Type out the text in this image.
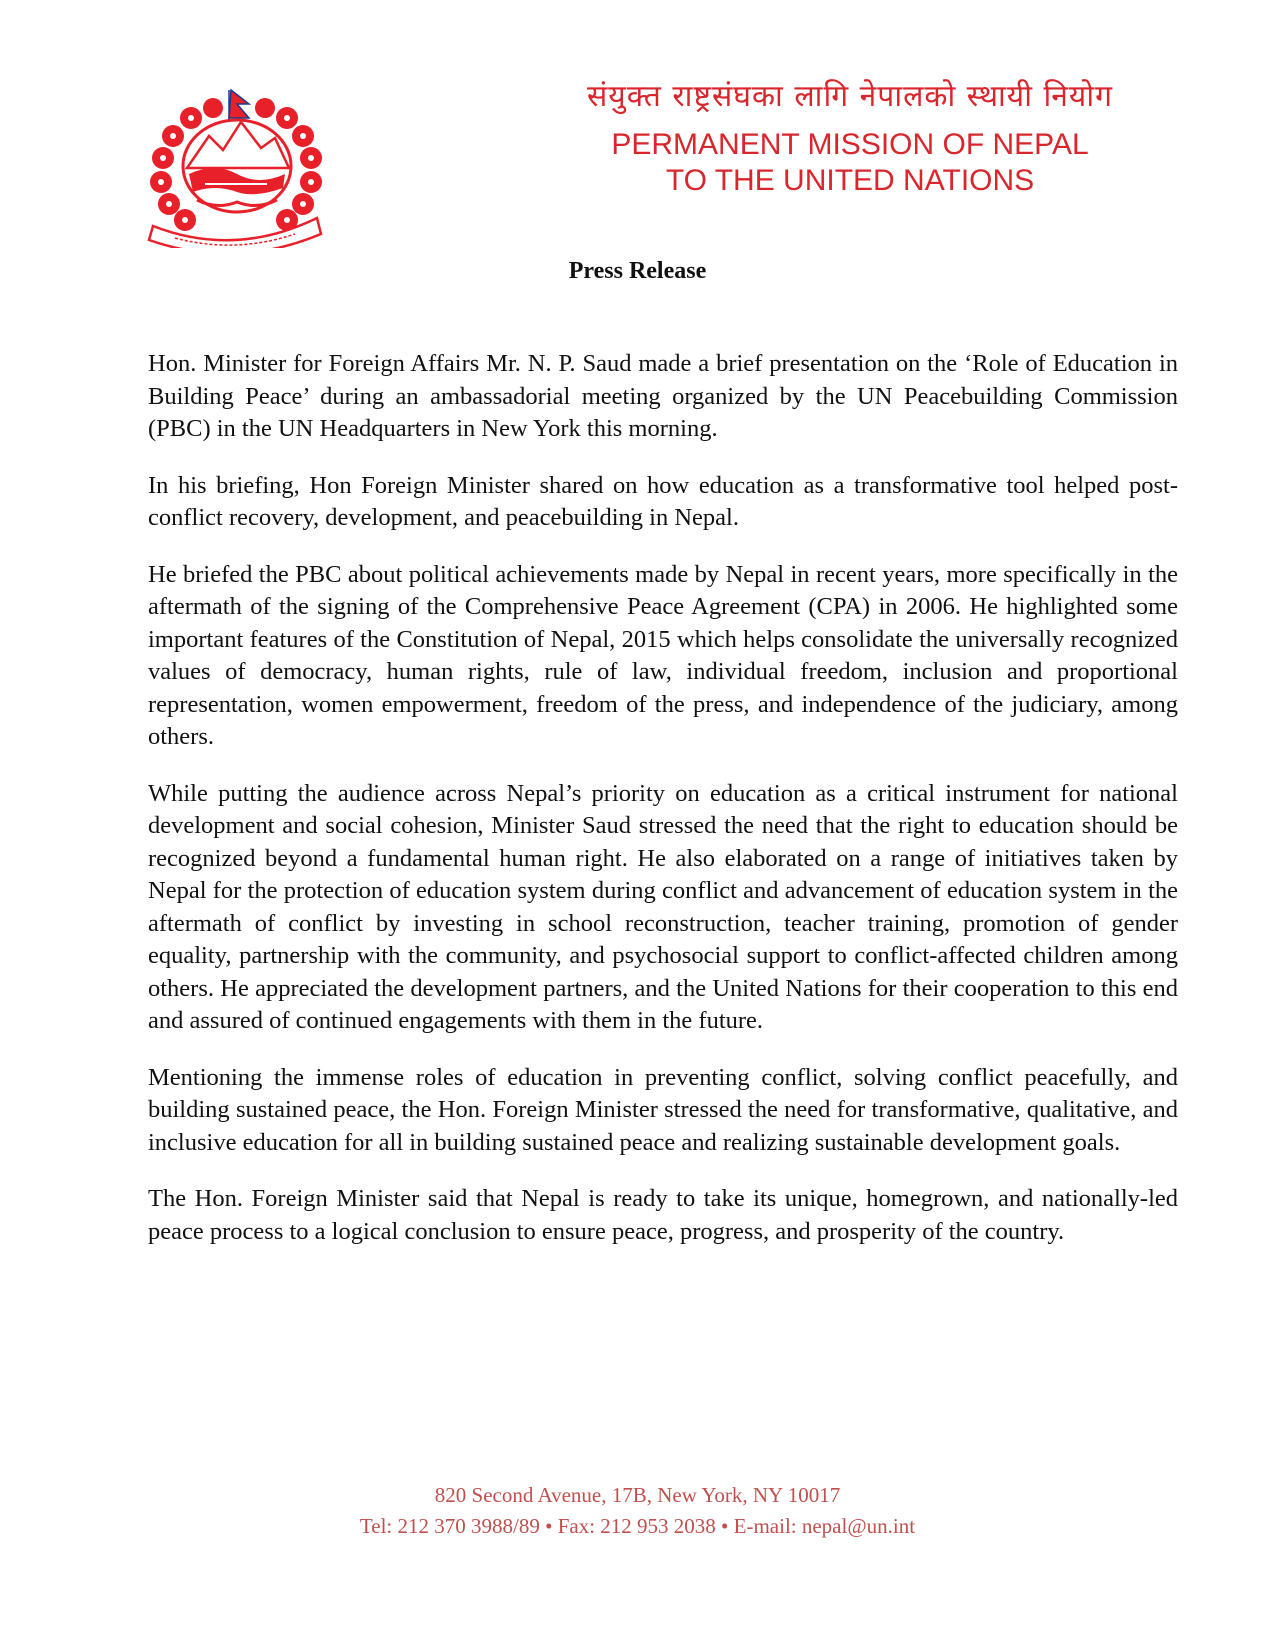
संयुक्त राष्ट्रसंघका लागि नेपालको स्थायी नियोग

PERMANENT MISSION OF NEPAL

TO THE UNITED NATIONS

Press Release

Hon. Minister for Foreign Affairs Mr. N. P. Saud made a brief presentation on the ‘Role of Education in Building Peace’ during an ambassadorial meeting organized by the UN Peacebuilding Commission (PBC) in the UN Headquarters in New York this morning.

In his briefing, Hon Foreign Minister shared on how education as a transformative tool helped post-conflict recovery, development, and peacebuilding in Nepal.

He briefed the PBC about political achievements made by Nepal in recent years, more specifically in the aftermath of the signing of the Comprehensive Peace Agreement (CPA) in 2006. He highlighted some important features of the Constitution of Nepal, 2015 which helps consolidate the universally recognized values of democracy, human rights, rule of law, individual freedom, inclusion and proportional representation, women empowerment, freedom of the press, and independence of the judiciary, among others.

While putting the audience across Nepal’s priority on education as a critical instrument for national development and social cohesion, Minister Saud stressed the need that the right to education should be recognized beyond a fundamental human right. He also elaborated on a range of initiatives taken by Nepal for the protection of education system during conflict and advancement of education system in the aftermath of conflict by investing in school reconstruction, teacher training, promotion of gender equality, partnership with the community, and psychosocial support to conflict-affected children among others. He appreciated the development partners, and the United Nations for their cooperation to this end and assured of continued engagements with them in the future.

Mentioning the immense roles of education in preventing conflict, solving conflict peacefully, and building sustained peace, the Hon. Foreign Minister stressed the need for transformative, qualitative, and inclusive education for all in building sustained peace and realizing sustainable development goals.

The Hon. Foreign Minister said that Nepal is ready to take its unique, homegrown, and nationally-led peace process to a logical conclusion to ensure peace, progress, and prosperity of the country.

820 Second Avenue, 17B, New York, NY 10017
Tel: 212 370 3988/89 • Fax: 212 953 2038 • E-mail: nepal@un.int
